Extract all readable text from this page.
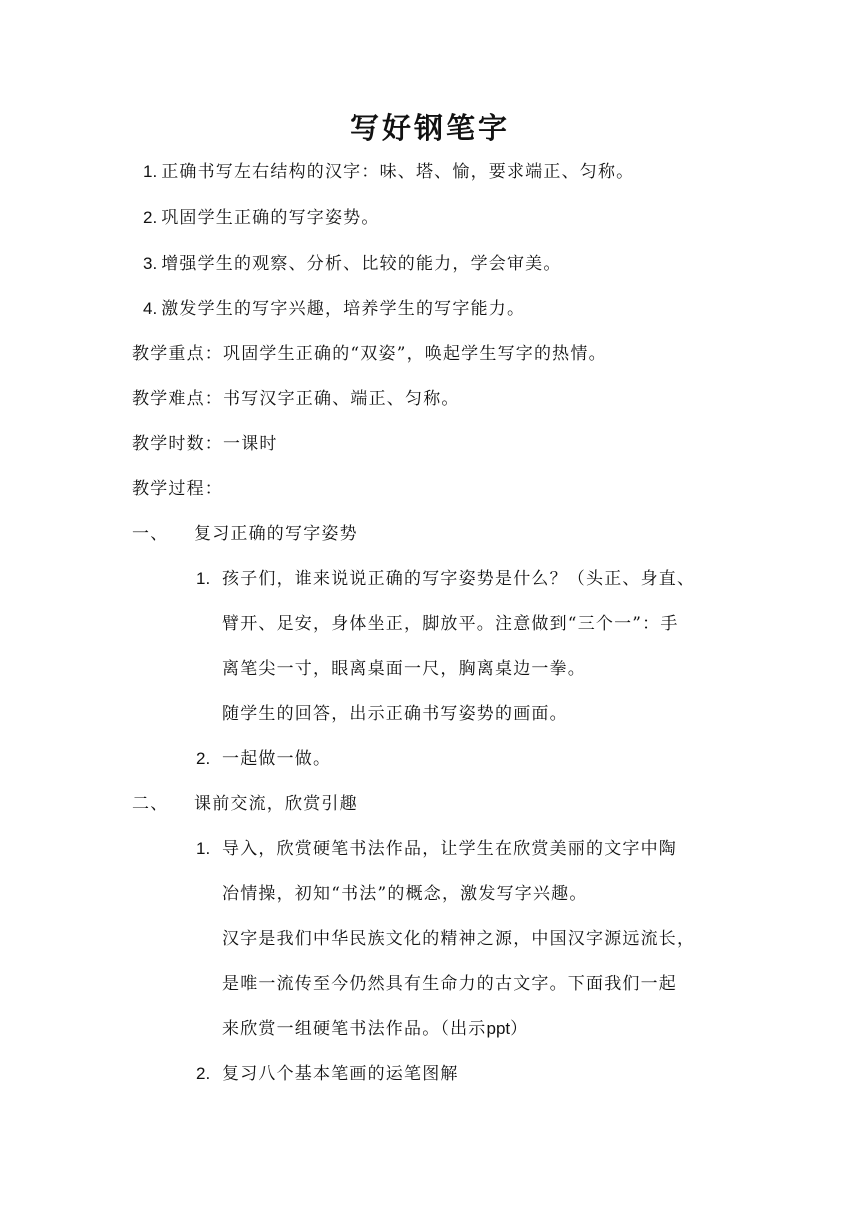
写好钢笔字
1. 正确书写左右结构的汉字：味、塔、愉，要求端正、匀称。
2. 巩固学生正确的写字姿势。
3. 增强学生的观察、分析、比较的能力，学会审美。
4. 激发学生的写字兴趣，培养学生的写字能力。
教学重点：巩固学生正确的“双姿”，唤起学生写字的热情。
教学难点：书写汉字正确、端正、匀称。
教学时数：一课时
教学过程：
一、 复习正确的写字姿势
1. 孩子们，谁来说说正确的写字姿势是什么？（头正、身直、
臂开、足安，身体坐正，脚放平。注意做到“三个一”：手
离笔尖一寸，眼离桌面一尺，胸离桌边一拳。
随学生的回答，出示正确书写姿势的画面。
2. 一起做一做。
二、 课前交流，欣赏引趣
1. 导入，欣赏硬笔书法作品，让学生在欣赏美丽的文字中陶
冶情操，初知“书法”的概念，激发写字兴趣。
汉字是我们中华民族文化的精神之源，中国汉字源远流长，
是唯一流传至今仍然具有生命力的古文字。下面我们一起
来欣赏一组硬笔书法作品。（出示ppt）
2. 复习八个基本笔画的运笔图解
